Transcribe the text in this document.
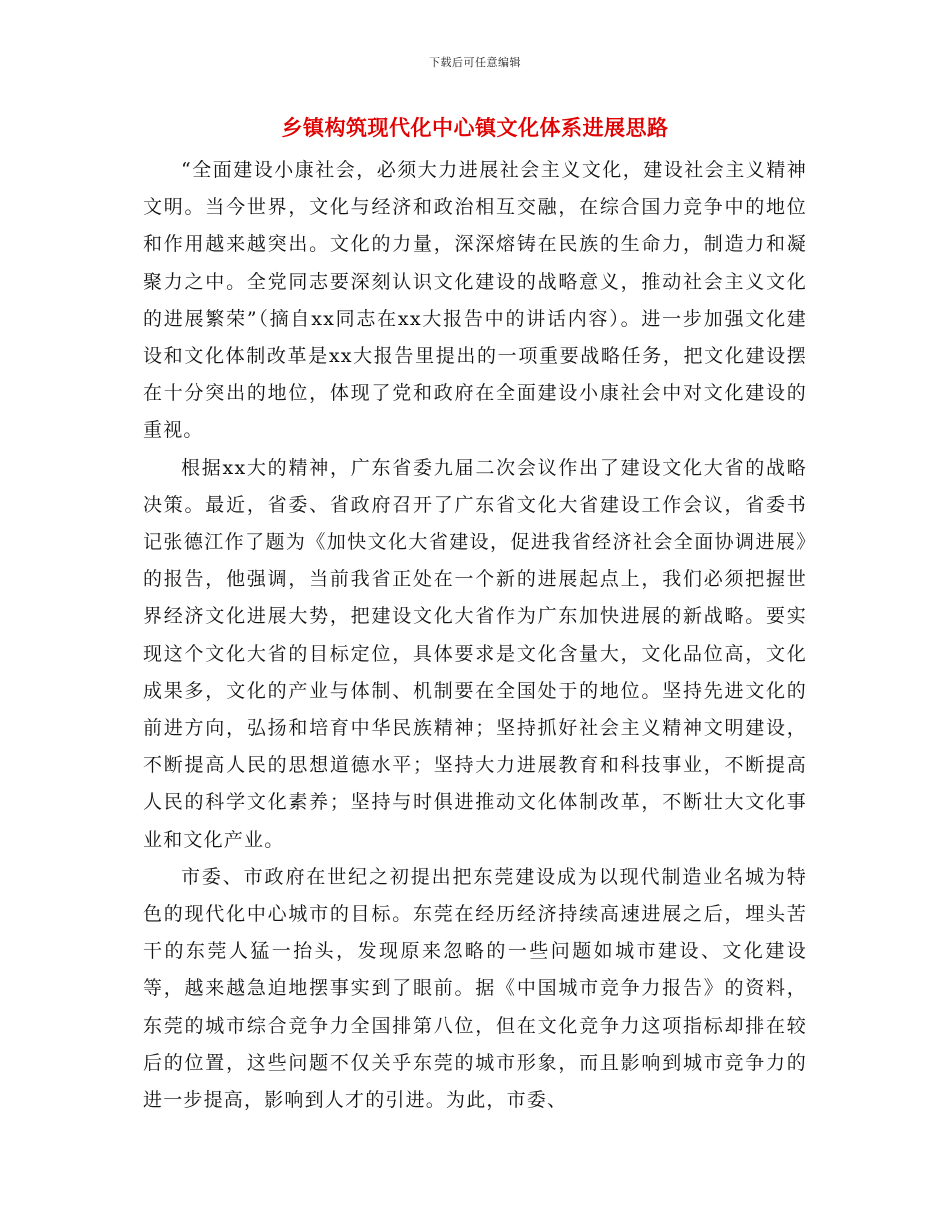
下载后可任意编辑
乡镇构筑现代化中心镇文化体系进展思路

“全面建设小康社会，必须大力进展社会主义文化，建设社会主义精神文明。当今世界，文化与经济和政治相互交融，在综合国力竞争中的地位和作用越来越突出。文化的力量，深深熔铸在民族的生命力，制造力和凝聚力之中。全党同志要深刻认识文化建设的战略意义，推动社会主义文化的进展繁荣”（摘自xx同志在xx大报告中的讲话内容）。进一步加强文化建设和文化体制改革是xx大报告里提出的一项重要战略任务，把文化建设摆在十分突出的地位，体现了党和政府在全面建设小康社会中对文化建设的重视。

根据xx大的精神，广东省委九届二次会议作出了建设文化大省的战略决策。最近，省委、省政府召开了广东省文化大省建设工作会议，省委书记张德江作了题为《加快文化大省建设，促进我省经济社会全面协调进展》的报告，他强调，当前我省正处在一个新的进展起点上，我们必须把握世界经济文化进展大势，把建设文化大省作为广东加快进展的新战略。要实现这个文化大省的目标定位，具体要求是文化含量大，文化品位高，文化成果多，文化的产业与体制、机制要在全国处于的地位。坚持先进文化的前进方向，弘扬和培育中华民族精神；坚持抓好社会主义精神文明建设，不断提高人民的思想道德水平；坚持大力进展教育和科技事业，不断提高人民的科学文化素养；坚持与时俱进推动文化体制改革，不断壮大文化事业和文化产业。

市委、市政府在世纪之初提出把东莞建设成为以现代制造业名城为特色的现代化中心城市的目标。东莞在经历经济持续高速进展之后，埋头苦干的东莞人猛一抬头，发现原来忽略的一些问题如城市建设、文化建设等，越来越急迫地摆事实到了眼前。据《中国城市竞争力报告》的资料，东莞的城市综合竞争力全国排第八位，但在文化竞争力这项指标却排在较后的位置，这些问题不仅关乎东莞的城市形象，而且影响到城市竞争力的进一步提高，影响到人才的引进。为此，市委、
